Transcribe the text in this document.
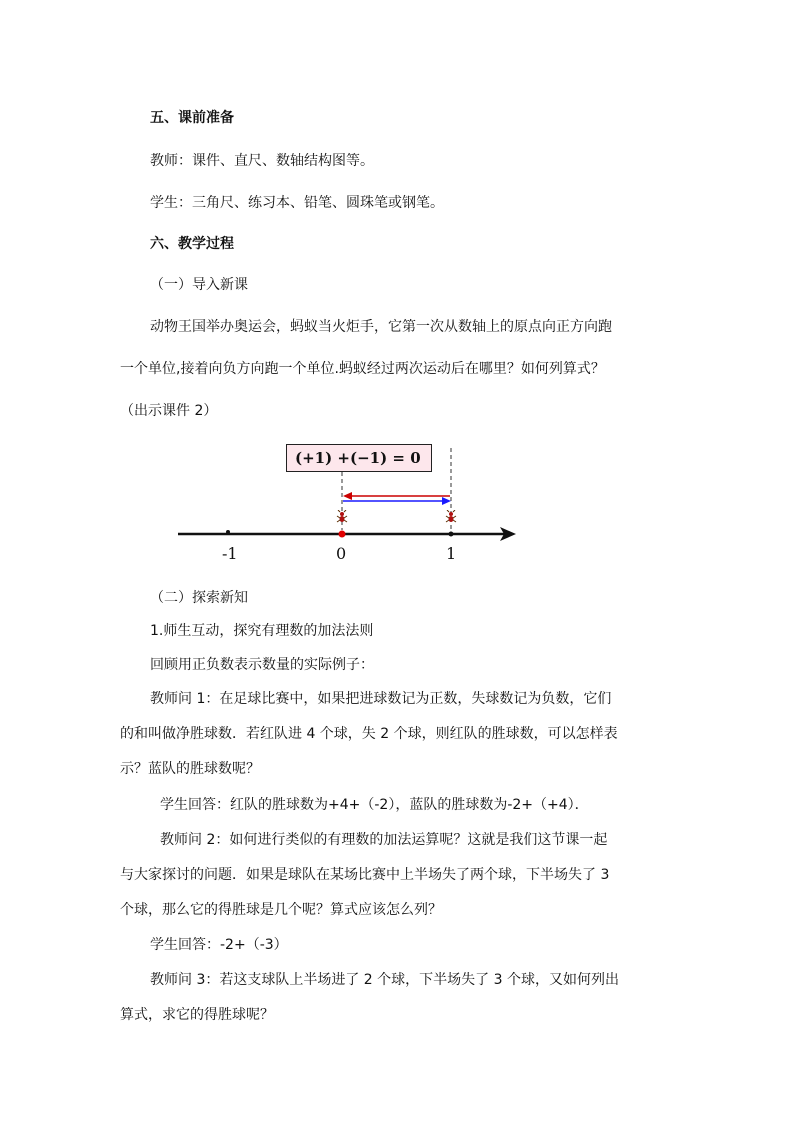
五、课前准备
教师：课件、直尺、数轴结构图等。
学生：三角尺、练习本、铅笔、圆珠笔或钢笔。
六、教学过程
（一）导入新课
动物王国举办奥运会，蚂蚁当火炬手，它第一次从数轴上的原点向正方向跑
一个单位,接着向负方向跑一个单位.蚂蚁经过两次运动后在哪里？如何列算式？
（出示课件 2）
(+1) +(−1) = 0
-1	0	1
（二）探索新知
1.师生互动，探究有理数的加法法则
回顾用正负数表示数量的实际例子：
教师问 1：在足球比赛中，如果把进球数记为正数，失球数记为负数，它们
的和叫做净胜球数．若红队进 4 个球，失 2 个球，则红队的胜球数，可以怎样表
示？蓝队的胜球数呢？
学生回答：红队的胜球数为+4+（-2），蓝队的胜球数为-2+（+4）．
教师问 2：如何进行类似的有理数的加法运算呢？这就是我们这节课一起
与大家探讨的问题．如果是球队在某场比赛中上半场失了两个球，下半场失了 3
个球，那么它的得胜球是几个呢？算式应该怎么列？
学生回答：-2+（-3）
教师问 3：若这支球队上半场进了 2 个球，下半场失了 3 个球，又如何列出
算式，求它的得胜球呢？
